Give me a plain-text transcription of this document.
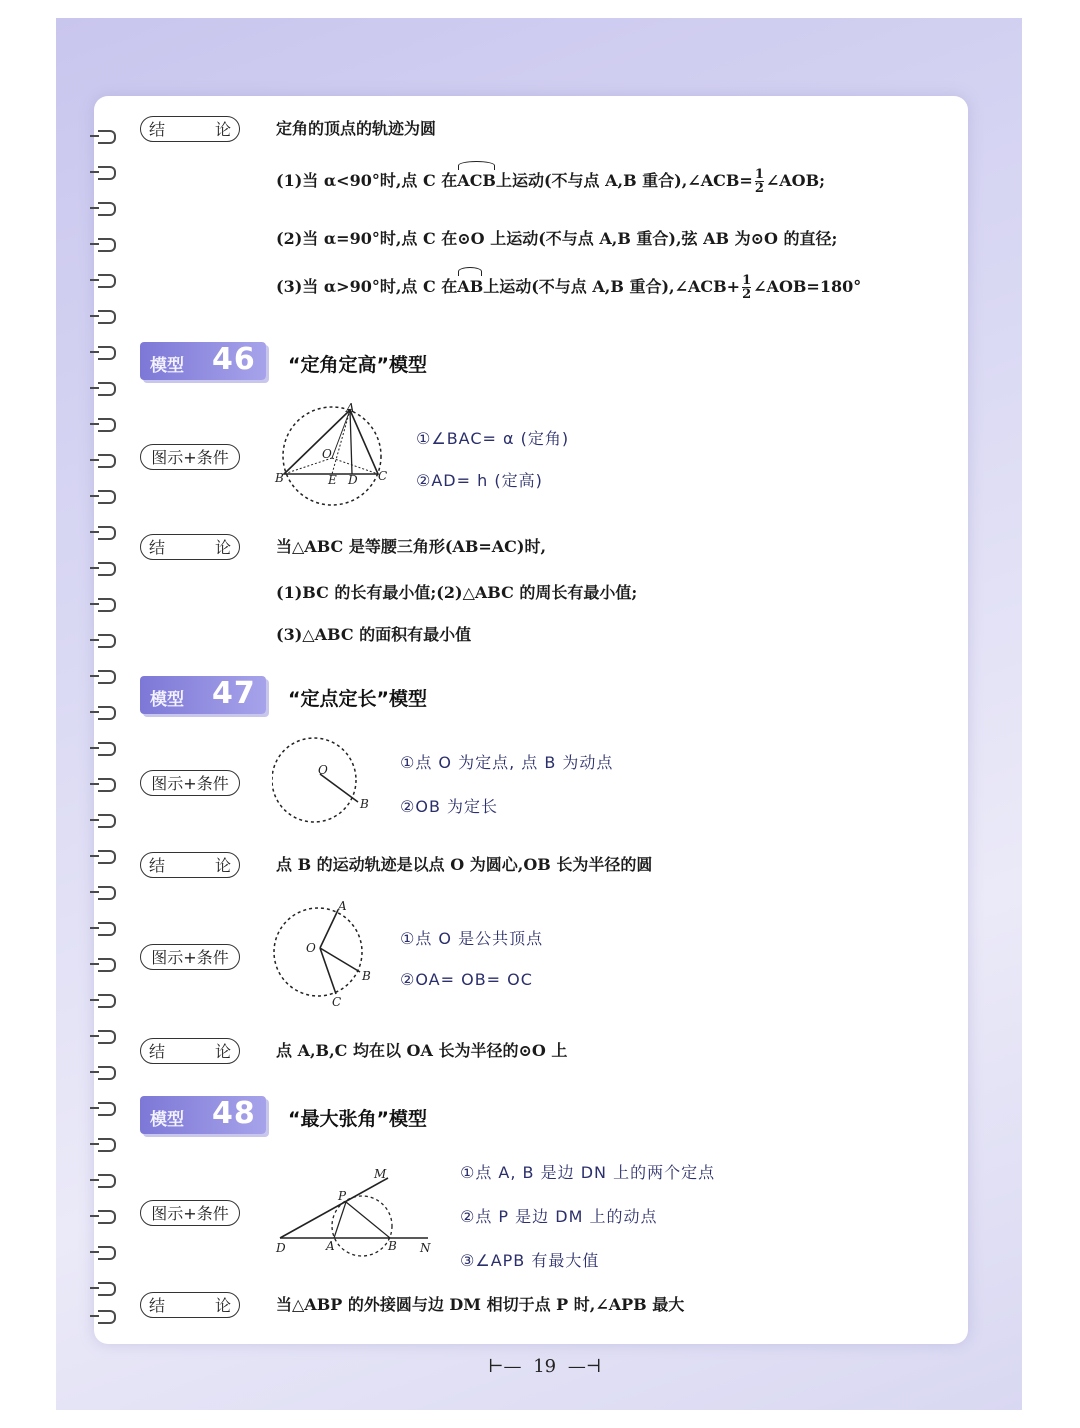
结	论	定角的顶点的轨迹为圆
(1)当 α<90°时,点 C 在ACB上运动(不与点 A,B 重合),∠ACB= $\frac{1}{2}$ ∠AOB;
(2)当 α=90°时,点 C 在⊙O 上运动(不与点 A,B 重合),弦 AB 为⊙O 的直径;
(3)当 α>90°时,点 C 在AB上运动(不与点 A,B 重合),∠ACB+ $\frac{1}{2}$ ∠AOB=180°
模型 46 “定角定高”模型
图示+条件
A
B	C
O
E D
①∠BAC= α (定角)
②AD= h (定高)
结	论	当△ABC 是等腰三角形(AB=AC)时,
(1)BC 的长有最小值;(2)△ABC 的周长有最小值;
(3)△ABC 的面积有最小值
模型 47 “定点定长”模型
图示+条件
O
B
①点 O 为定点, 点 B 为动点
②OB 为定长
结	论	点 B 的运动轨迹是以点 O 为圆心,OB 长为半径的圆
图示+条件
A
O
B
C
①点 O 是公共顶点
②OA= OB= OC
结	论	点 A,B,C 均在以 OA 长为半径的⊙O 上
模型 48 “最大张角”模型
图示+条件
M
P
D	A	B N
①点 A, B 是边 DN 上的两个定点
②点 P 是边 DM 上的动点
③∠APB 有最大值
结	论	当△ABP 的外接圆与边 DM 相切于点 P 时,∠APB 最大
⊢— 19 —⊣
